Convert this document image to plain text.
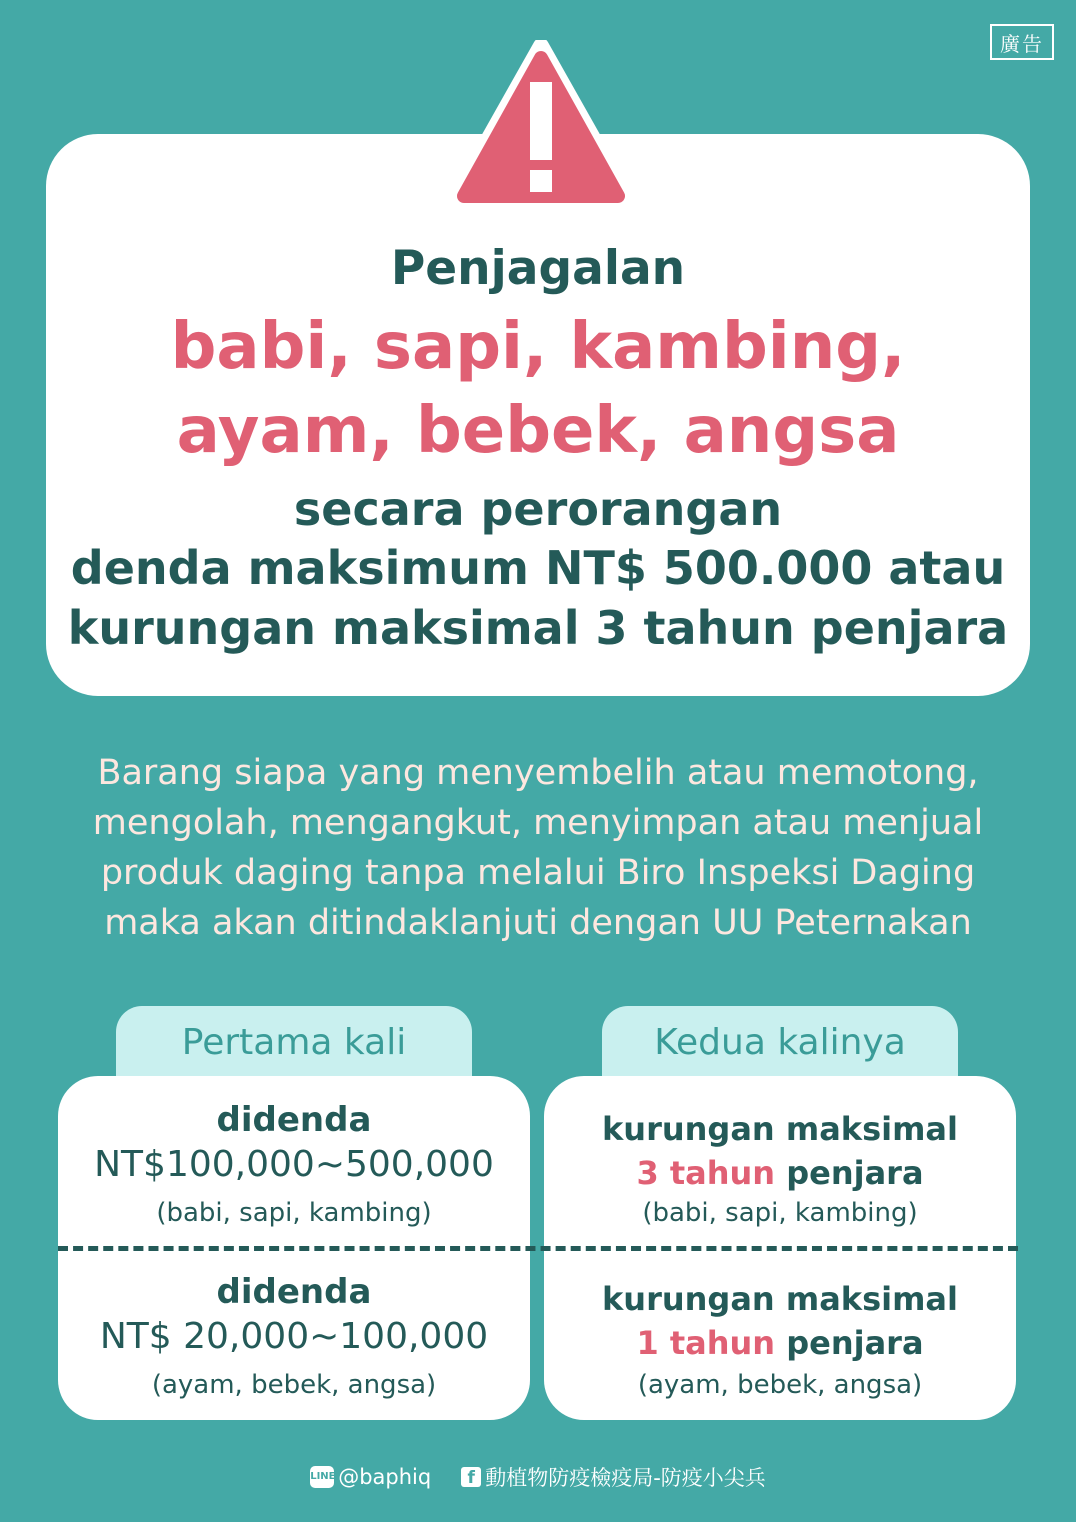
廣告
Penjagalan
babi, sapi, kambing,
ayam, bebek, angsa
secara perorangan
denda maksimum NT$ 500.000 atau
kurungan maksimal 3 tahun penjara
Barang siapa yang menyembelih atau memotong,
mengolah, mengangkut, menyimpan atau menjual
produk daging tanpa melalui Biro Inspeksi Daging
maka akan ditindaklanjuti dengan UU Peternakan
Pertama kali	Kedua kalinya
didenda
NT$100,000~500,000
(babi, sapi, kambing)
didenda
NT$ 20,000~100,000
(ayam, bebek, angsa)
kurungan maksimal
3 tahun penjara
(babi, sapi, kambing)
kurungan maksimal
1 tahun penjara
(ayam, bebek, angsa)
LINE @baphiq f 動植物防疫檢疫局-防疫小尖兵
